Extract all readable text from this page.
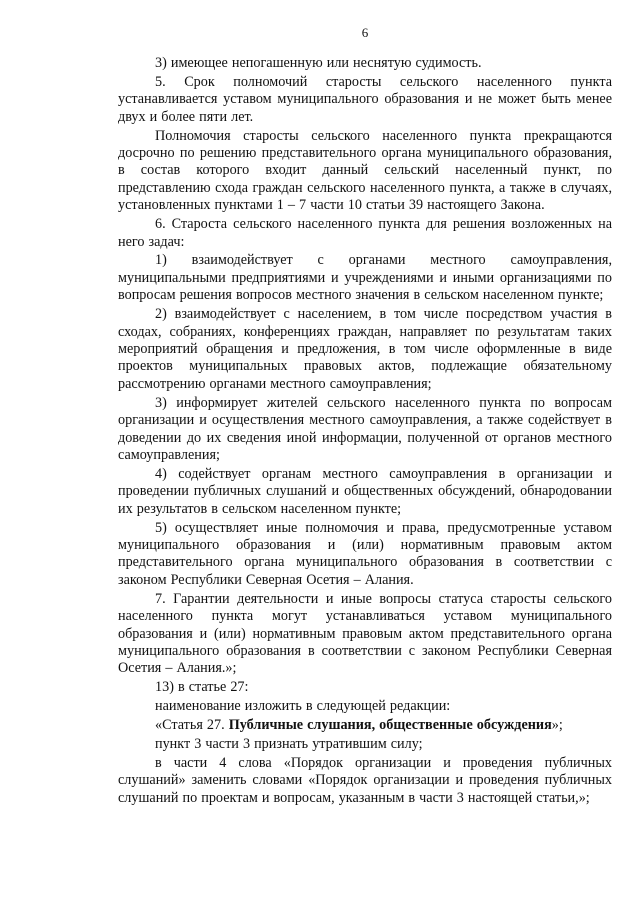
6

3) имеющее непогашенную или неснятую судимость.

5. Срок полномочий старосты сельского населенного пункта устанавливается уставом муниципального образования и не может быть менее двух и более пяти лет.

Полномочия старосты сельского населенного пункта прекращаются досрочно по решению представительного органа муниципального образования, в состав которого входит данный сельский населенный пункт, по представлению схода граждан сельского населенного пункта, а также в случаях, установленных пунктами 1 – 7 части 10 статьи 39 настоящего Закона.

6. Староста сельского населенного пункта для решения возложенных на него задач:

1) взаимодействует с органами местного самоуправления, муниципальными предприятиями и учреждениями и иными организациями по вопросам решения вопросов местного значения в сельском населенном пункте;

2) взаимодействует с населением, в том числе посредством участия в сходах, собраниях, конференциях граждан, направляет по результатам таких мероприятий обращения и предложения, в том числе оформленные в виде проектов муниципальных правовых актов, подлежащие обязательному рассмотрению органами местного самоуправления;

3) информирует жителей сельского населенного пункта по вопросам организации и осуществления местного самоуправления, а также содействует в доведении до их сведения иной информации, полученной от органов местного самоуправления;

4) содействует органам местного самоуправления в организации и проведении публичных слушаний и общественных обсуждений, обнародовании их результатов в сельском населенном пункте;

5) осуществляет иные полномочия и права, предусмотренные уставом муниципального образования и (или) нормативным правовым актом представительного органа муниципального образования в соответствии с законом Республики Северная Осетия – Алания.

7. Гарантии деятельности и иные вопросы статуса старосты сельского населенного пункта могут устанавливаться уставом муниципального образования и (или) нормативным правовым актом представительного органа муниципального образования в соответствии с законом Республики Северная Осетия – Алания.»;

13) в статье 27:

наименование изложить в следующей редакции:

«Статья 27. Публичные слушания, общественные обсуждения»;

пункт 3 части 3 признать утратившим силу;

в части 4 слова «Порядок организации и проведения публичных слушаний» заменить словами «Порядок организации и проведения публичных слушаний по проектам и вопросам, указанным в части 3 настоящей статьи,»;
